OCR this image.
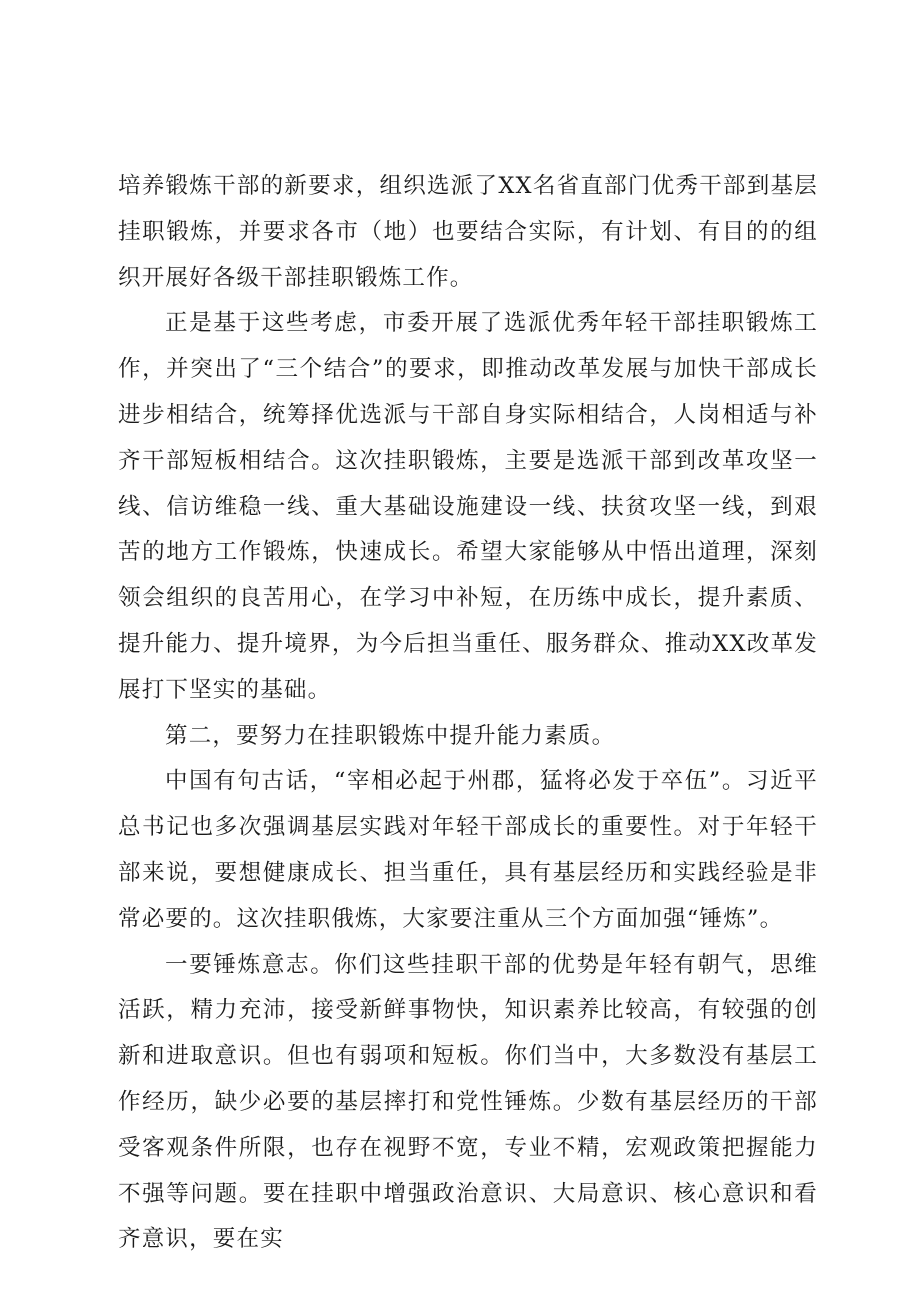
培养锻炼干部的新要求，组织选派了XX名省直部门优秀干部到基层挂职锻炼，并要求各市（地）也要结合实际，有计划、有目的的组织开展好各级干部挂职锻炼工作。

正是基于这些考虑，市委开展了选派优秀年轻干部挂职锻炼工作，并突出了“三个结合”的要求，即推动改革发展与加快干部成长进步相结合，统筹择优选派与干部自身实际相结合，人岗相适与补齐干部短板相结合。这次挂职锻炼，主要是选派干部到改革攻坚一线、信访维稳一线、重大基础设施建设一线、扶贫攻坚一线，到艰苦的地方工作锻炼，快速成长。希望大家能够从中悟出道理，深刻领会组织的良苦用心，在学习中补短，在历练中成长，提升素质、提升能力、提升境界，为今后担当重任、服务群众、推动XX改革发展打下坚实的基础。

第二，要努力在挂职锻炼中提升能力素质。

中国有句古话，“宰相必起于州郡，猛将必发于卒伍”。习近平总书记也多次强调基层实践对年轻干部成长的重要性。对于年轻干部来说，要想健康成长、担当重任，具有基层经历和实践经验是非常必要的。这次挂职俄炼，大家要注重从三个方面加强“锤炼”。

一要锤炼意志。你们这些挂职干部的优势是年轻有朝气，思维活跃，精力充沛，接受新鲜事物快，知识素养比较高，有较强的创新和进取意识。但也有弱项和短板。你们当中，大多数没有基层工作经历，缺少必要的基层摔打和党性锤炼。少数有基层经历的干部受客观条件所限，也存在视野不宽，专业不精，宏观政策把握能力不强等问题。要在挂职中增强政治意识、大局意识、核心意识和看齐意识，要在实
